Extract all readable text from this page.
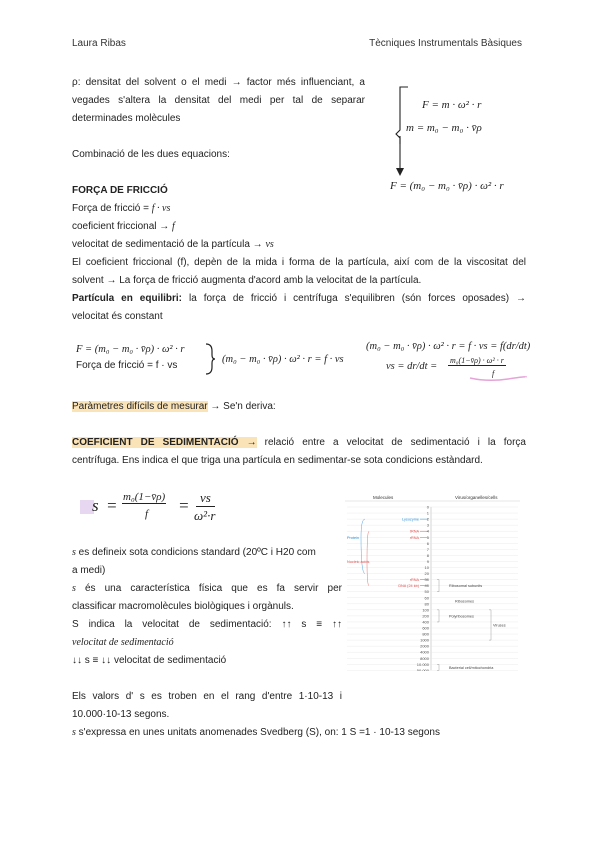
Laura Ribas	Tècniques Instrumentals Bàsiques
ρ: densitat del solvent o el medi → factor més influenciant, a
vegades s'altera la densitat del medi per tal de separar
determinades molècules
Combinació de les dues equacions:
F = m · ω² · r
m = m₀ − m₀ · v̄ρ
F = (m₀ − m₀ · v̄ρ) · ω² · r
FORÇA DE FRICCIÓ
Força de fricció = f · vs
coeficient friccional → f
velocitat de sedimentació de la partícula → vs
El coeficient friccional (f), depèn de la mida i forma de la partícula, així com de la viscositat del
solvent → La força de fricció augmenta d'acord amb la velocitat de la partícula.
Partícula en equilibri: la força de fricció i centrífuga s'equilibren (són forces oposades) →
velocitat és constant
F = (m₀ − m₀ · v̄ρ) · ω² · r
Força de fricció = f · vs
(m₀ − m₀ · v̄ρ) · ω² · r = f · vs
(m₀ − m₀ · v̄ρ) · ω² · r = f · vs = f(dr/dt)
vs = dr/dt =
m₀(1−v̄ρ) · ω² · r
f
Paràmetres difícils de mesurar → Se'n deriva:
COEFICIENT DE SEDIMENTACIÓ → relació entre a velocitat de sedimentació i la força
centrífuga. Ens indica el que triga una partícula en sedimentar-se sota condicions estàndard.
s = m₀(1−v̄ρ)
f = vs
ω²·r
s es defineix sota condicions standard (20ºC i H20 com
a medi)
s és una característica física que es fa servir per
classificar macromolècules biològiques i orgànuls.
S indica la velocitat de sedimentació: ↑↑ s ≡ ↑↑
velocitat de sedimentació
↓↓ s ≡ ↓↓ velocitat de sedimentació
Els valors d' s es troben en el rang d'entre 1·10-13 i
10.000·10-13 segons.
s s'expressa en unes unitats anomenades Svedberg (S), on: 1 S =1 · 10-13 segons
Molecules	Virus/organelles/cells
0
1
2
3
4
5
6
7
8
9
10
20
30
40
50
60
80
100
200
400
600
800
1000
2000
4000
8000
10.000
50.000
Lysozyme
tRNA
rRNA
rRNA
DNA (24 kb)
Protein
Nucleic acids
Ribosomal subunits
Ribosomes
Polyribosomes
Viruses
Bacterial cell/mitochondria
